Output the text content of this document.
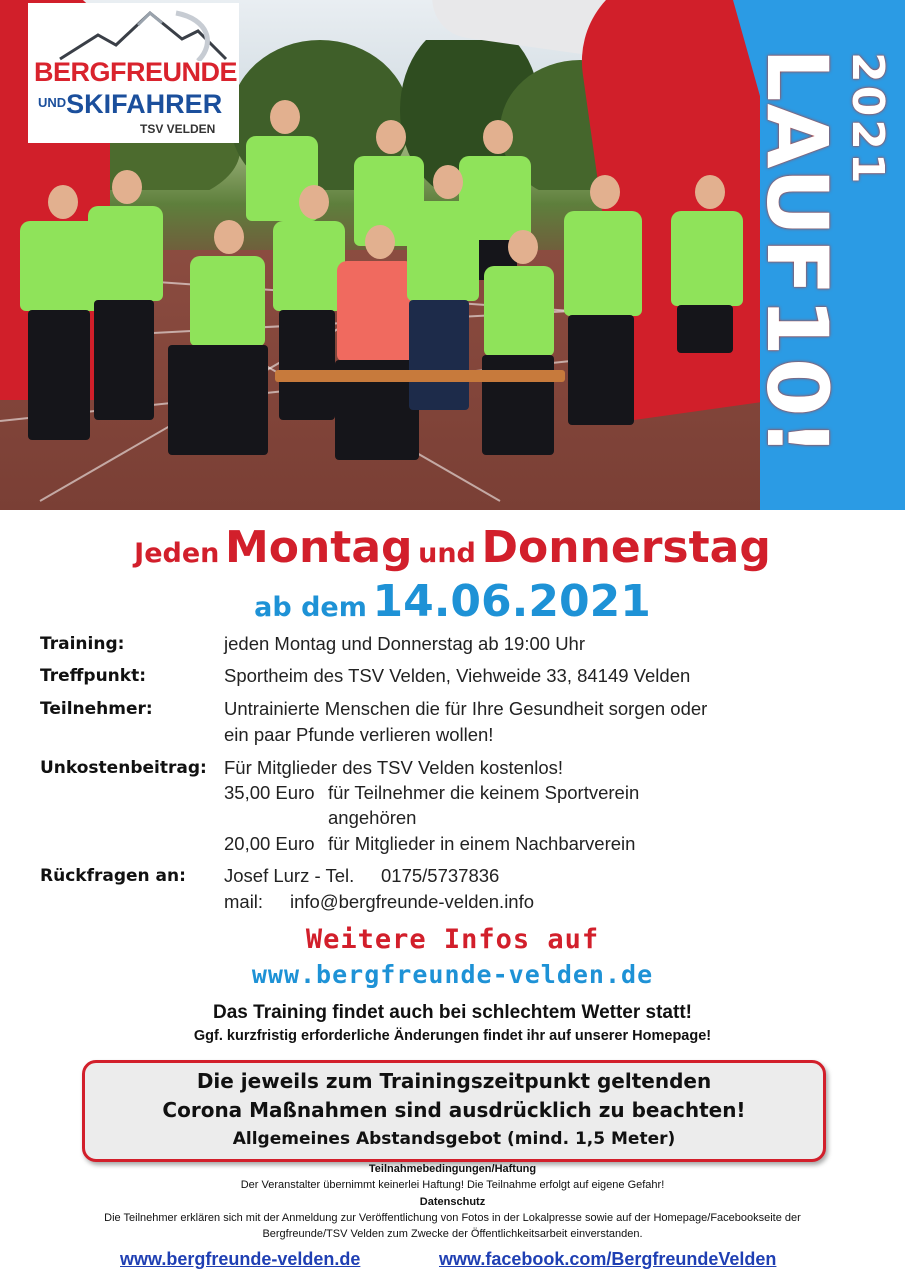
BERGFREUNDE
$^{UND}$SKIFAHRER
TSV VELDEN	2021
LAUF10!
Jeden Montag und Donnerstag
ab dem 14.06.2021
Training:	jeden Montag und Donnerstag ab 19:00 Uhr
Treffpunkt:	Sportheim des TSV Velden, Viehweide 33, 84149 Velden
Teilnehmer:	Untrainierte Menschen die für Ihre Gesundheit sorgen oder
ein paar Pfunde verlieren wollen!
Unkostenbeitrag: Für Mitglieder des TSV Velden kostenlos!
35,00 Euro für Teilnehmer die keinem Sportverein
angehören
20,00 Euro für Mitglieder in einem Nachbarverein
Rückfragen an: Josef Lurz - Tel. 0175/5737836
mail: info@bergfreunde-velden.info
Weitere Infos auf
www.bergfreunde-velden.de
Das Training findet auch bei schlechtem Wetter statt!
Ggf. kurzfristig erforderliche Änderungen findet ihr auf unserer Homepage!
Die jeweils zum Trainingszeitpunkt geltenden
Corona Maßnahmen sind ausdrücklich zu beachten!
Allgemeines Abstandsgebot (mind. 1,5 Meter)
Teilnahmebedingungen/Haftung
Der Veranstalter übernimmt keinerlei Haftung! Die Teilnahme erfolgt auf eigene Gefahr!
Datenschutz
Die Teilnehmer erklären sich mit der Anmeldung zur Veröffentlichung von Fotos in der Lokalpresse sowie auf der Homepage/Facebookseite der
Bergfreunde/TSV Velden zum Zwecke der Öffentlichkeitsarbeit einverstanden.
www.bergfreunde-velden.de	www.facebook.com/BergfreundeVelden
